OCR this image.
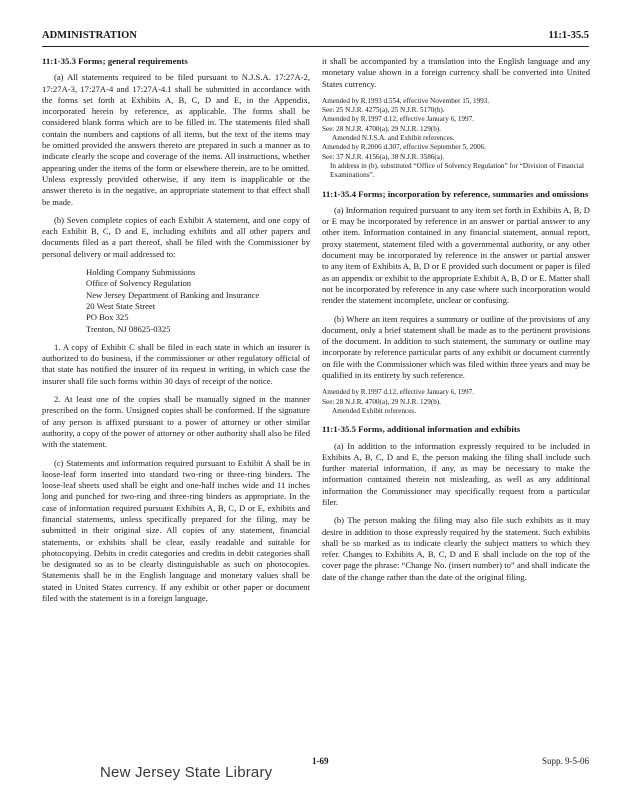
ADMINISTRATION	11:1-35.5
11:1-35.3 Forms; general requirements

(a) All statements required to be filed pursuant to N.J.S.A. 17:27A-2, 17:27A-3, 17:27A-4 and 17:27A-4.1 shall be submitted in accordance with the forms set forth at Exhibits A, B, C, D and E, in the Appendix, incorporated herein by reference, as applicable. The forms shall be considered blank forms which are to be filled in. The statements filed shall contain the numbers and captions of all items, but the text of the items may be omitted provided the answers thereto are prepared in such a manner as to indicate clearly the scope and coverage of the items. All instructions, whether appearing under the items of the form or elsewhere therein, are to be omitted. Unless expressly provided otherwise, if any item is inapplicable or the answer thereto is in the negative, an appropriate statement to that effect shall be made.

(b) Seven complete copies of each Exhibit A statement, and one copy of each Exhibit B, C, D and E, including exhibits and all other papers and documents filed as a part thereof, shall be filed with the Commissioner by personal delivery or mail addressed to:

Holding Company Submissions
Office of Solvency Regulation
New Jersey Department of Banking and Insurance
20 West State Street
PO Box 325
Trenton, NJ 08625-0325

1. A copy of Exhibit C shall be filed in each state in which an insurer is authorized to do business, if the commissioner or other regulatory official of that state has notified the insurer of its request in writing, in which case the insurer shall file such forms within 30 days of receipt of the notice.

2. At least one of the copies shall be manually signed in the manner prescribed on the form. Unsigned copies shall be conformed. If the signature of any person is affixed pursuant to a power of attorney or other similar authority, a copy of the power of attorney or other authority shall also be filed with the statement.

(c) Statements and information required pursuant to Exhibit A shall be in loose-leaf form inserted into standard two-ring or three-ring binders. The loose-leaf sheets used shall be eight and one-half inches wide and 11 inches long and punched for two-ring and three-ring binders as appropriate. In the case of information required pursuant Exhibits A, B, C, D or E, exhibits and financial statements, unless specifically prepared for the filing, may be submitted in their original size. All copies of any statement, financial statements, or exhibits shall be clear, easily readable and suitable for photocopying. Debits in credit categories and credits in debit categories shall be designated so as to be clearly distinguishable as such on photocopies. Statements shall be in the English language and monetary values shall be stated in United States currency. If any exhibit or other paper or document filed with the statement is in a foreign language,

it shall be accompanied by a translation into the English language and any monetary value shown in a foreign currency shall be converted into United States currency.

Amended by R.1993 d.554, effective November 15, 1993.
See: 25 N.J.R. 4275(a), 25 N.J.R. 5170(b).
Amended by R.1997 d.12, effective January 6, 1997.
See: 28 N.J.R. 4700(a), 29 N.J.R. 129(b).
Amended N.J.S.A. and Exhibit references.
Amended by R.2006 d.307, effective September 5, 2006.
See: 37 N.J.R. 4156(a), 38 N.J.R. 3586(a).
In address in (b), substituted “Office of Solvency Regulation” for “Division of Financial Examinations”.
11:1-35.4 Forms; incorporation by reference, summaries and omissions

(a) Information required pursuant to any item set forth in Exhibits A, B, D or E may be incorporated by reference in an answer or partial answer to any other item. Information contained in any financial statement, annual report, proxy statement, statement filed with a governmental authority, or any other document may be incorporated by reference in the answer or partial answer to any item of Exhibits A, B, D or E provided such document or paper is filed as an appendix or exhibit to the appropriate Exhibit A, B, D or E. Matter shall not be incorporated by reference in any case where such incorporation would render the statement incomplete, unclear or confusing.

(b) Where an item requires a summary or outline of the provisions of any document, only a brief statement shall be made as to the pertinent provisions of the document. In addition to such statement, the summary or outline may incorporate by reference particular parts of any exhibit or document currently on file with the Commissioner which was filed within three years and may be qualified in its entirety by such reference.

Amended by R.1997 d.12, effective January 6, 1997.
See: 28 N.J.R. 4700(a), 29 N.J.R. 129(b).
Amended Exhibit references.
11:1-35.5 Forms, additional information and exhibits

(a) In addition to the information expressly required to be included in Exhibits A, B, C, D and E, the person making the filing shall include such further material information, if any, as may be necessary to make the information contained therein not misleading, as well as any additional information the Commissioner may specifically request from a particular filer.

(b) The person making the filing may also file such exhibits as it may desire in addition to those expressly required by the statement. Such exhibits shall be so marked as to indicate clearly the subject matters to which they refer. Changes to Exhibits A, B, C, D and E shall include on the top of the cover page the phrase: “Change No. (insert number) to” and shall indicate the date of the change rather than the date of the original filing.

1-69	Supp. 9-5-06
New Jersey State Library
